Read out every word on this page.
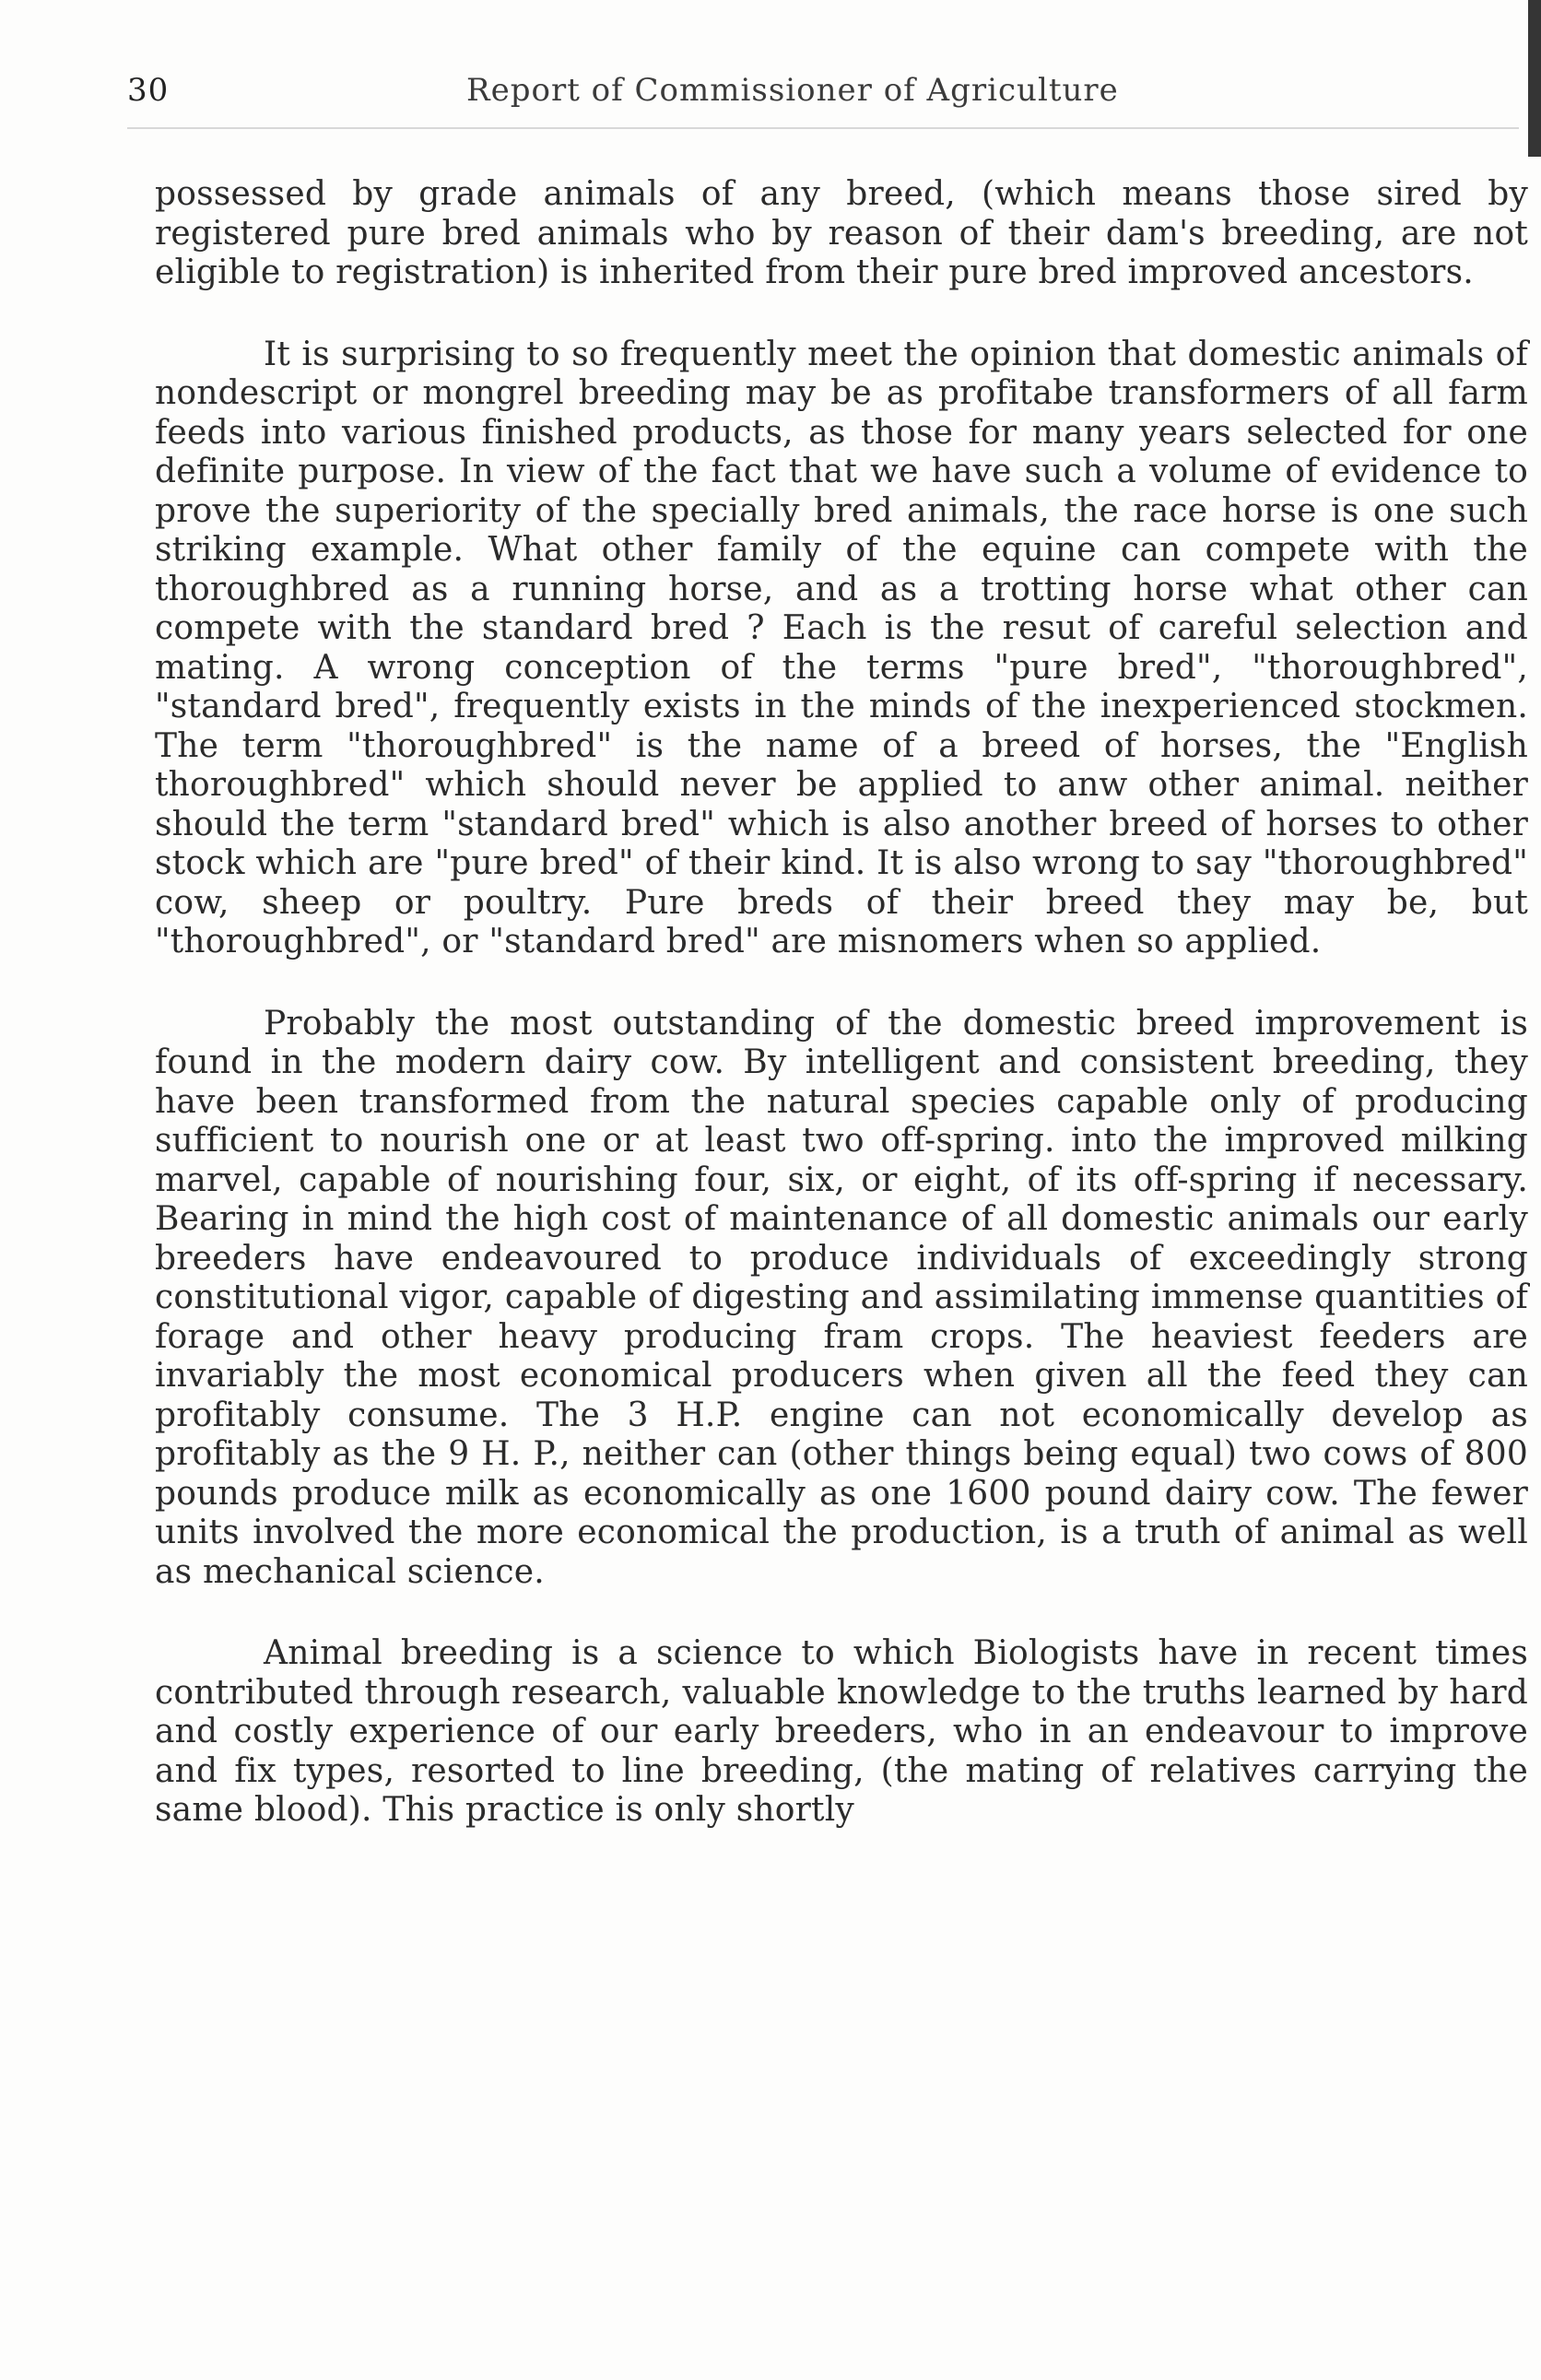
30	Report of Commissioner of Agriculture

possessed by grade animals of any breed, (which means those sired by registered pure bred animals who by reason of their dam's breeding, are not eligible to registration) is inherited from their pure bred improved ancestors.

It is surprising to so frequently meet the opinion that domestic animals of nondescript or mongrel breeding may be as profitabe transformers of all farm feeds into various finished products, as those for many years selected for one definite purpose. In view of the fact that we have such a volume of evidence to prove the superiority of the specially bred animals, the race horse is one such striking example. What other family of the equine can compete with the thoroughbred as a running horse, and as a trotting horse what other can compete with the standard bred ? Each is the resut of careful selection and mating. A wrong conception of the terms "pure bred", "thoroughbred", "standard bred", frequently exists in the minds of the inexperienced stockmen. The term "thoroughbred" is the name of a breed of horses, the "English thoroughbred" which should never be applied to anw other animal. neither should the term "standard bred" which is also another breed of horses to other stock which are "pure bred" of their kind. It is also wrong to say "thoroughbred" cow, sheep or poultry. Pure breds of their breed they may be, but "thoroughbred", or "standard bred" are misnomers when so applied.

Probably the most outstanding of the domestic breed improvement is found in the modern dairy cow. By intelligent and consistent breeding, they have been transformed from the natural species capable only of producing sufficient to nourish one or at least two off-spring. into the improved milking marvel, capable of nourishing four, six, or eight, of its off-spring if necessary. Bearing in mind the high cost of maintenance of all domestic animals our early breeders have endeavoured to produce individuals of exceedingly strong constitutional vigor, capable of digesting and assimilating immense quantities of forage and other heavy producing fram crops. The heaviest feeders are invariably the most economical producers when given all the feed they can profitably consume. The 3 H.P. engine can not economically develop as profitably as the 9 H. P., neither can (other things being equal) two cows of 800 pounds produce milk as economically as one 1600 pound dairy cow. The fewer units involved the more economical the production, is a truth of animal as well as mechanical science.

Animal breeding is a science to which Biologists have in recent times contributed through research, valuable knowledge to the truths learned by hard and costly experience of our early breeders, who in an endeavour to improve and fix types, resorted to line breeding, (the mating of relatives carrying the same blood). This practice is only shortly
